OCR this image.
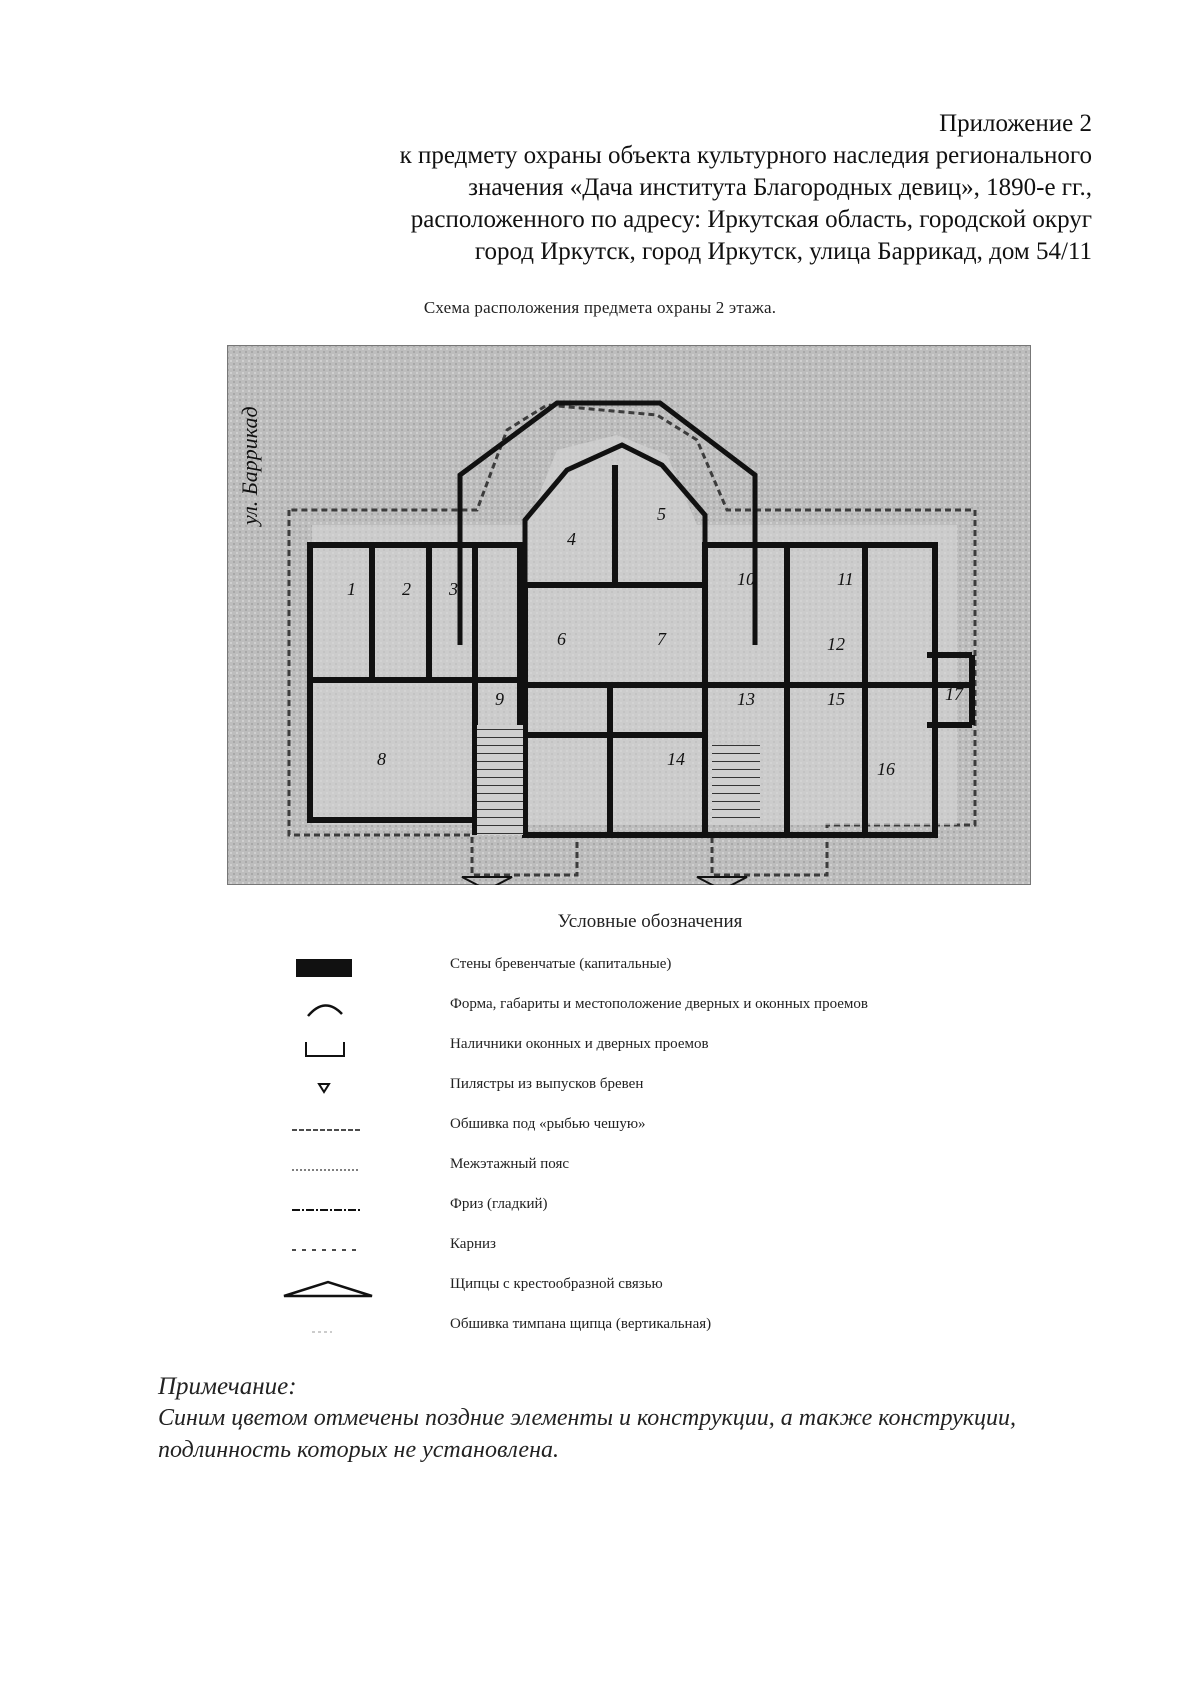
Приложение 2
к предмету охраны объекта культурного наследия регионального
значения «Дача института Благородных девиц», 1890-е гг.,
расположенного по адресу: Иркутская область, городской округ
город Иркутск, город Иркутск, улица Баррикад, дом 54/11
Схема расположения предмета охраны 2 этажа.
ул. Баррикад
1	2 3
4
5
6	7
8
9
10	11
12
13
14
15
16
17
Условные обозначения
Стены бревенчатые (капитальные)
Форма, габариты и местоположение дверных и оконных проемов
Наличники оконных и дверных проемов
Пилястры из выпусков бревен
Обшивка под «рыбью чешую»
Межэтажный пояс
Фриз (гладкий)
Карниз
Щипцы с крестообразной связью
Обшивка тимпана щипца (вертикальная)
Примечание:
Синим цветом отмечены поздние элементы и конструкции, а также конструкции,
подлинность которых не установлена.
